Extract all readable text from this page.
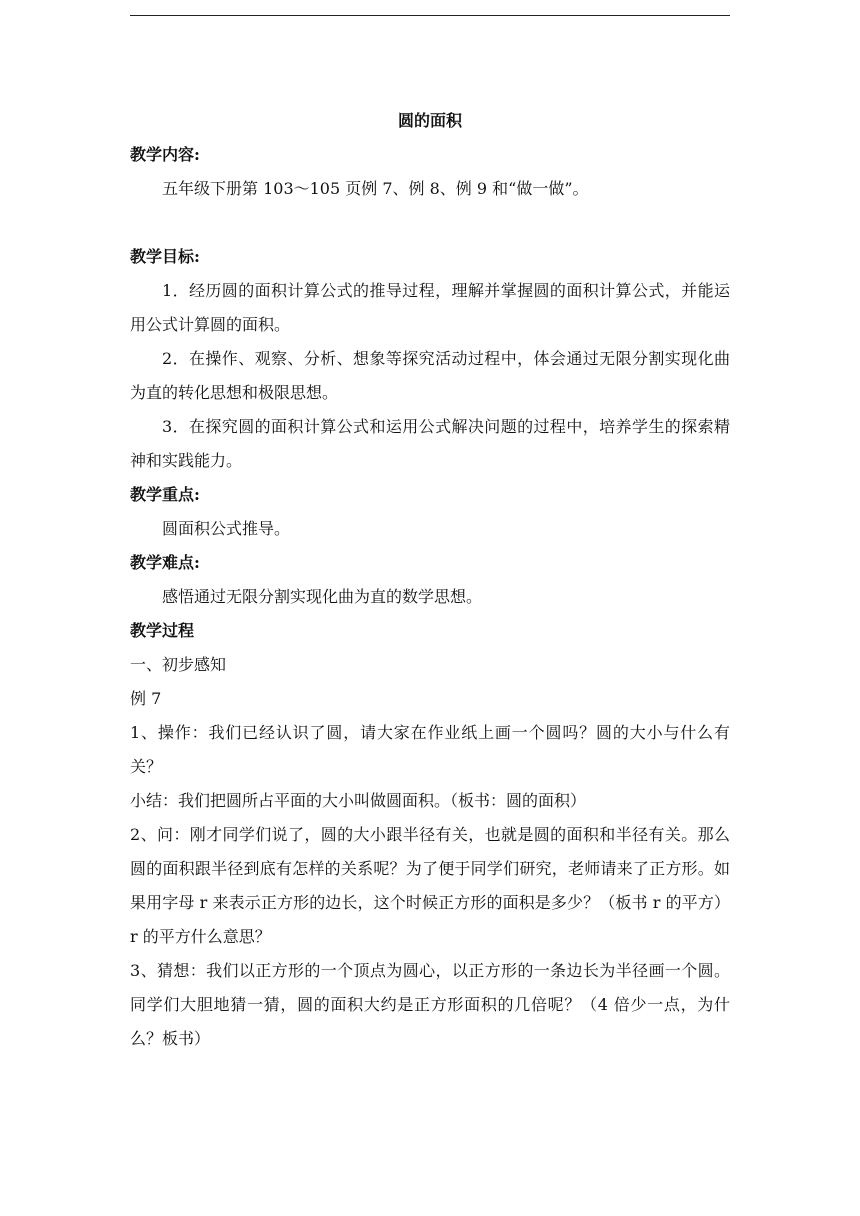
圆的面积

教学内容:

五年级下册第 103～105 页例 7、例 8、例 9 和“做一做”。

教学目标:

1．经历圆的面积计算公式的推导过程，理解并掌握圆的面积计算公式，并能运用公式计算圆的面积。

2．在操作、观察、分析、想象等探究活动过程中，体会通过无限分割实现化曲为直的转化思想和极限思想。

3．在探究圆的面积计算公式和运用公式解决问题的过程中，培养学生的探索精神和实践能力。

教学重点:

圆面积公式推导。

教学难点:

感悟通过无限分割实现化曲为直的数学思想。

教学过程

一、初步感知

例 7

1、操作：我们已经认识了圆，请大家在作业纸上画一个圆吗？圆的大小与什么有关？

小结：我们把圆所占平面的大小叫做圆面积。（板书：圆的面积）

2、问：刚才同学们说了，圆的大小跟半径有关，也就是圆的面积和半径有关。那么圆的面积跟半径到底有怎样的关系呢？为了便于同学们研究，老师请来了正方形。如果用字母 r 来表示正方形的边长，这个时候正方形的面积是多少？（板书 r 的平方）r 的平方什么意思？

3、猜想：我们以正方形的一个顶点为圆心，以正方形的一条边长为半径画一个圆。同学们大胆地猜一猜，圆的面积大约是正方形面积的几倍呢？（4 倍少一点，为什么？板书）
